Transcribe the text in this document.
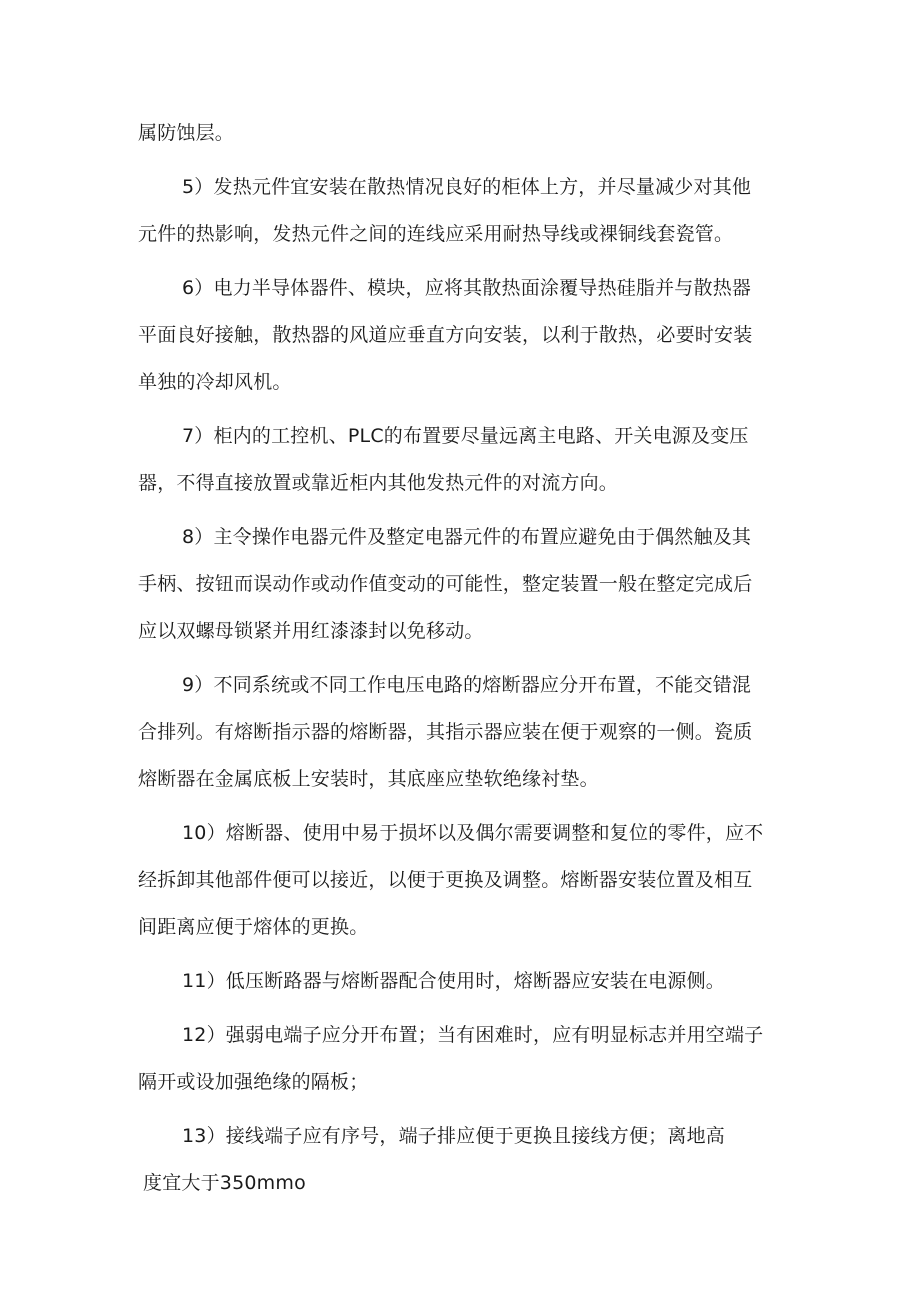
属防蚀层。

5）发热元件宜安装在散热情况良好的柜体上方，并尽量减少对其他
元件的热影响，发热元件之间的连线应采用耐热导线或裸铜线套瓷管。

6）电力半导体器件、模块，应将其散热面涂覆导热硅脂并与散热器
平面良好接触，散热器的风道应垂直方向安装，以利于散热，必要时安装
单独的冷却风机。

7）柜内的工控机、PLC的布置要尽量远离主电路、开关电源及变压
器，不得直接放置或靠近柜内其他发热元件的对流方向。

8）主令操作电器元件及整定电器元件的布置应避免由于偶然触及其
手柄、按钮而误动作或动作值变动的可能性，整定装置一般在整定完成后
应以双螺母锁紧并用红漆漆封以免移动。

9）不同系统或不同工作电压电路的熔断器应分开布置，不能交错混
合排列。有熔断指示器的熔断器，其指示器应装在便于观察的一侧。瓷质
熔断器在金属底板上安装时，其底座应垫软绝缘衬垫。

10）熔断器、使用中易于损坏以及偶尔需要调整和复位的零件，应不
经拆卸其他部件便可以接近，以便于更换及调整。熔断器安装位置及相互
间距离应便于熔体的更换。

11）低压断路器与熔断器配合使用时，熔断器应安装在电源侧。

12）强弱电端子应分开布置；当有困难时，应有明显标志并用空端子
隔开或设加强绝缘的隔板；

13）接线端子应有序号，端子排应便于更换且接线方便；离地高
度宜大于350mmo
